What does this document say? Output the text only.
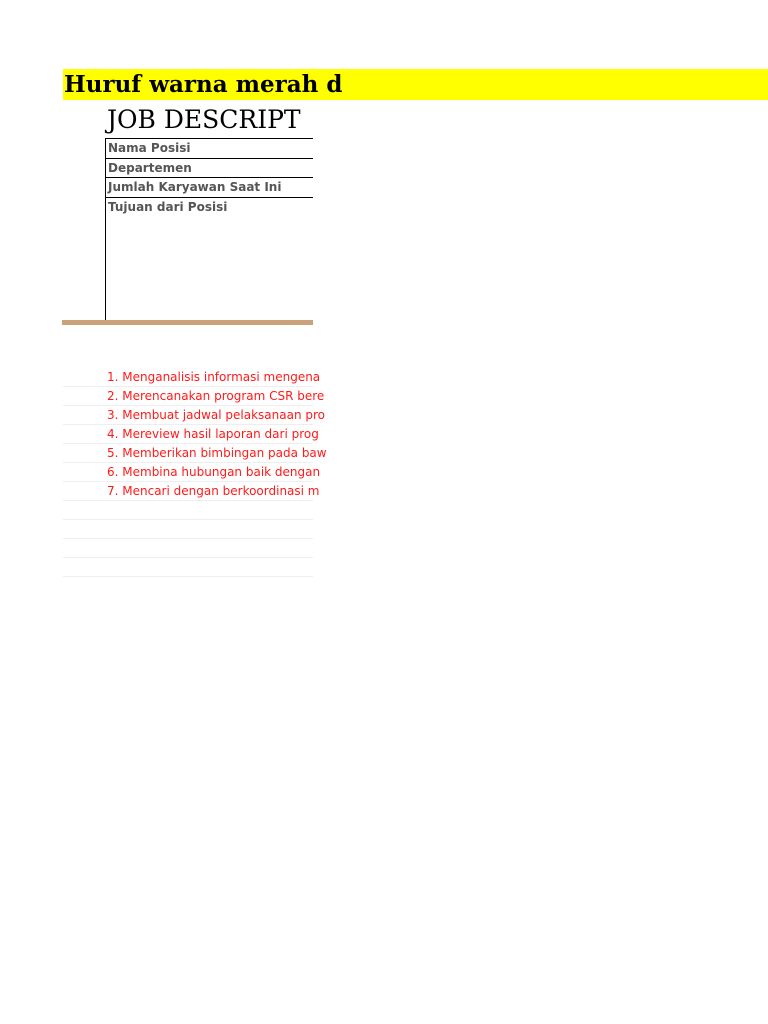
Huruf warna merah d
JOB DESCRIPT
Nama Posisi
Departemen
Jumlah Karyawan Saat Ini
Tujuan dari Posisi
1. Menganalisis informasi mengena
2. Merencanakan program CSR bere
3. Membuat jadwal pelaksanaan pro
4. Mereview hasil laporan dari prog
5. Memberikan bimbingan pada baw
6. Membina hubungan baik dengan
7. Mencari dengan berkoordinasi m
